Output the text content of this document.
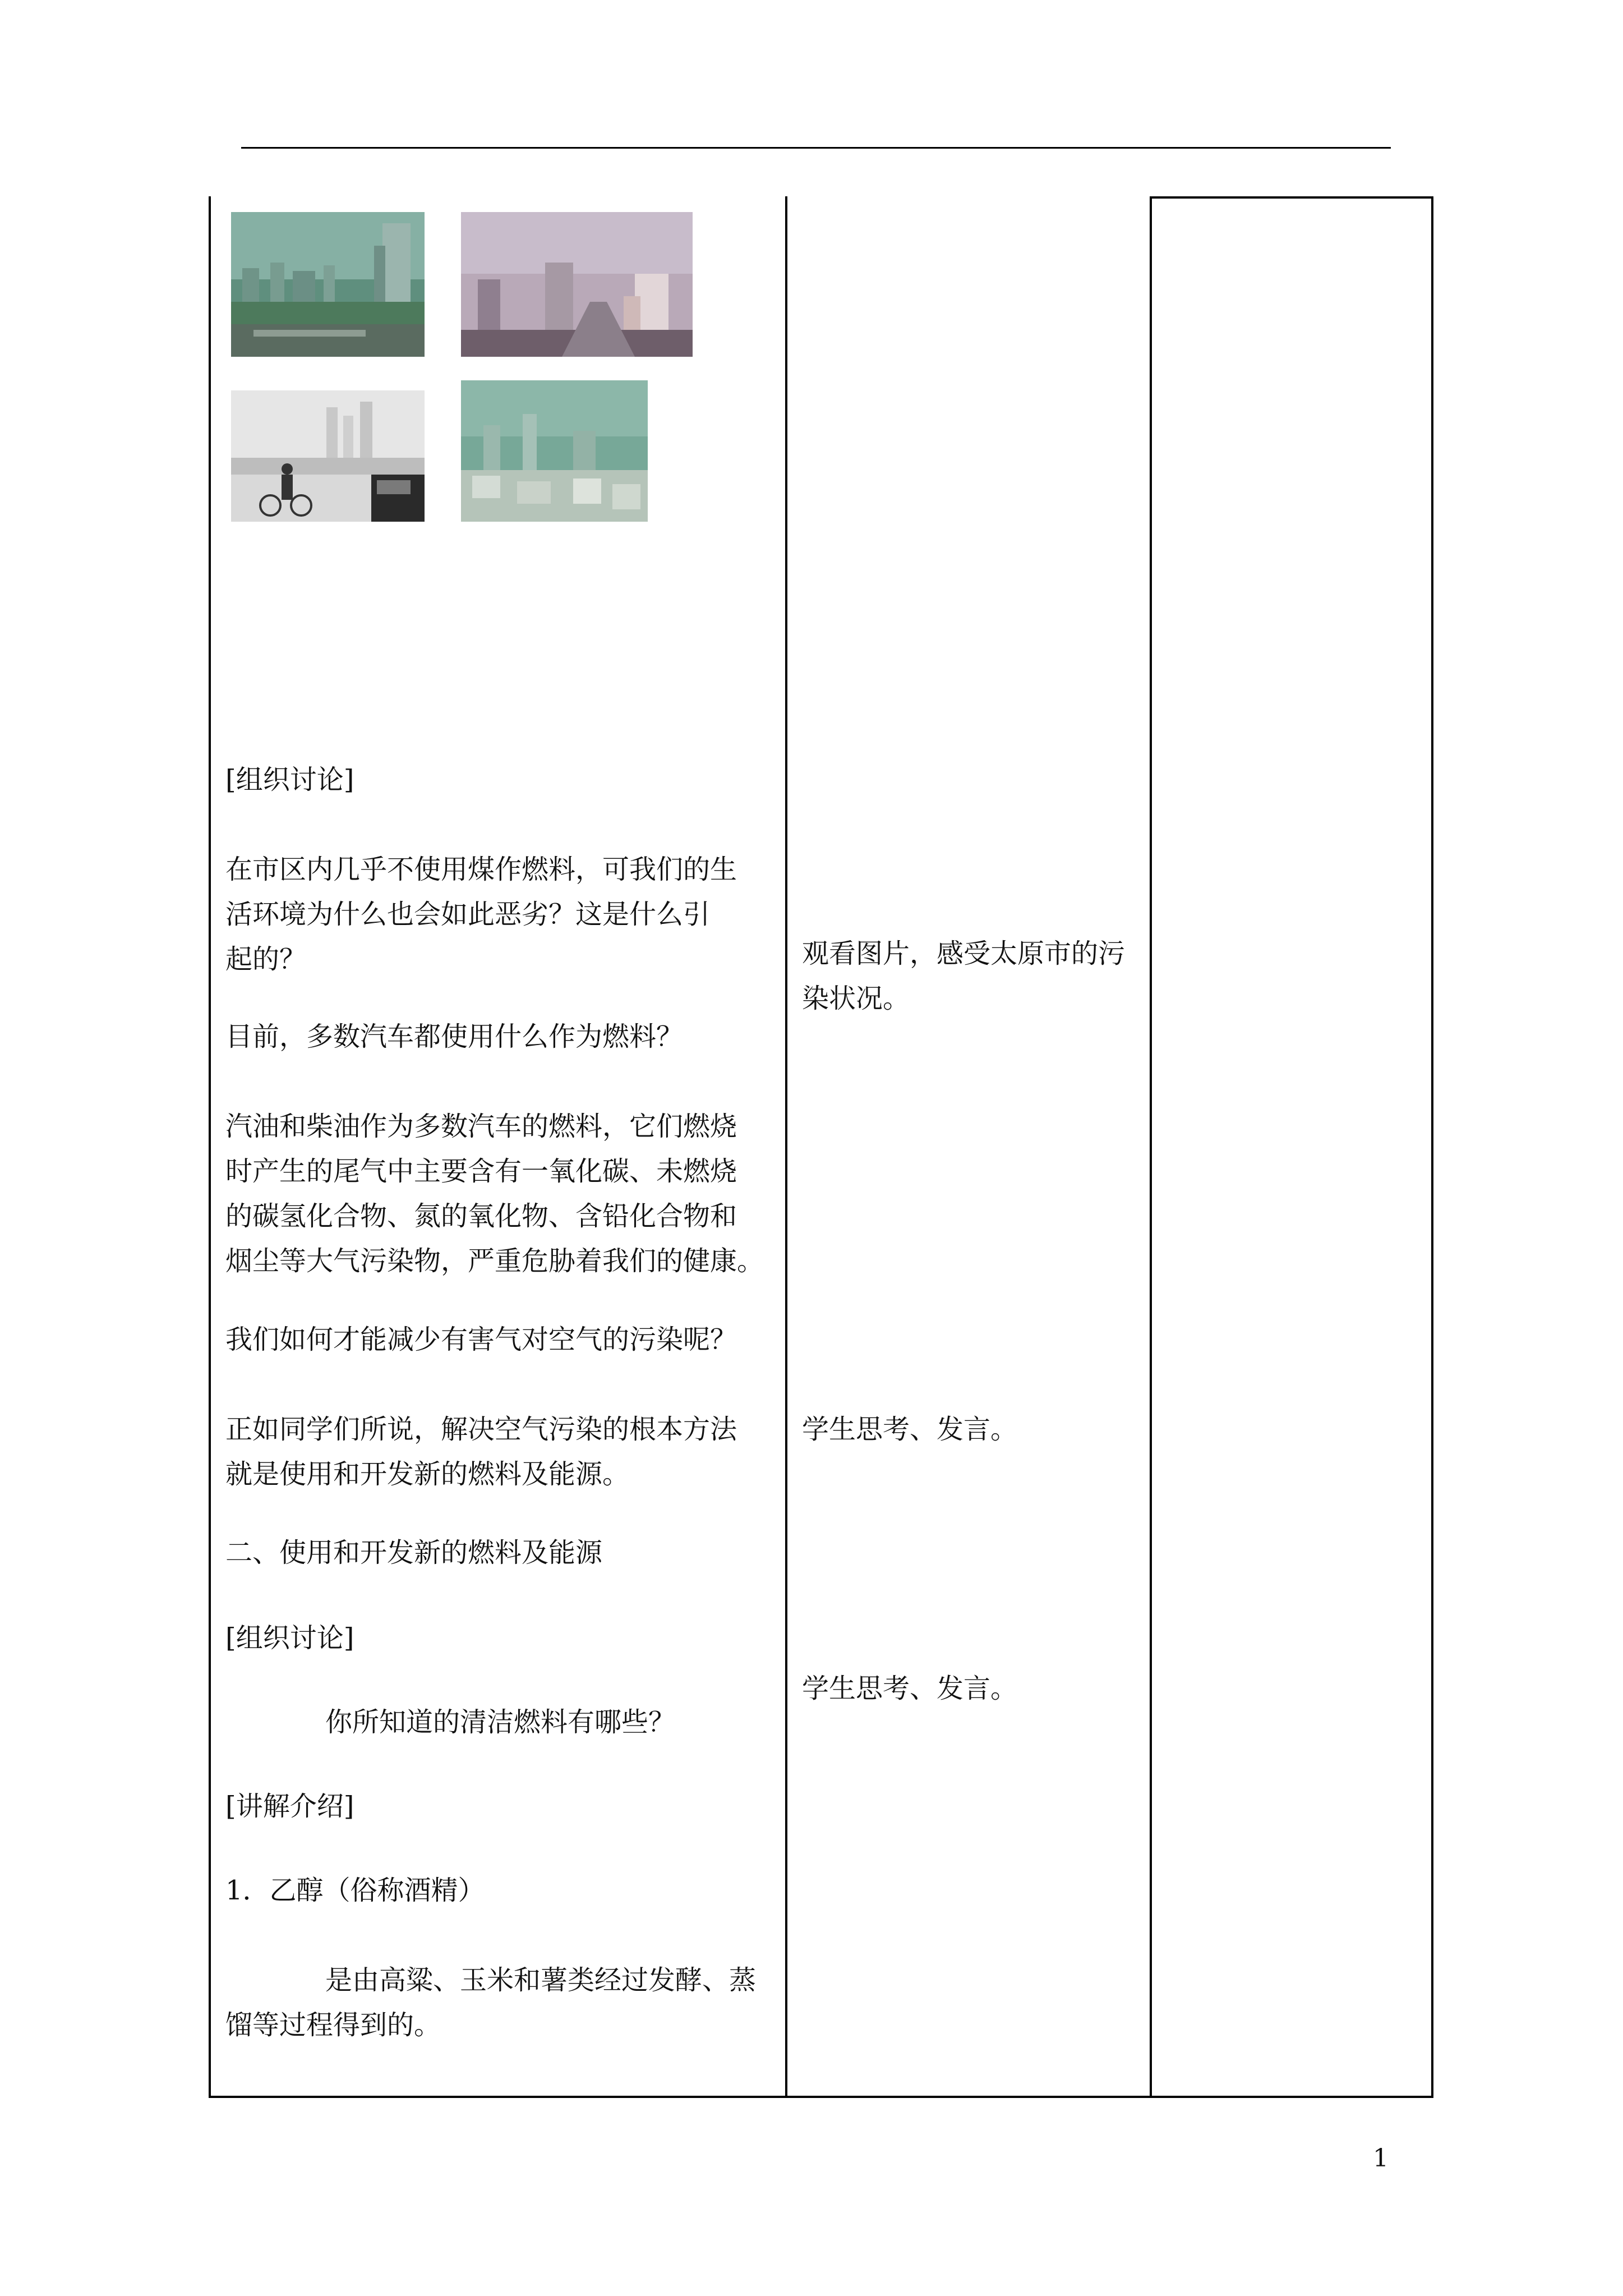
[组织讨论]
在市区内几乎不使用煤作燃料，可我们的生
活环境为什么也会如此恶劣？这是什么引
起的？
目前，多数汽车都使用什么作为燃料？
汽油和柴油作为多数汽车的燃料，它们燃烧
时产生的尾气中主要含有一氧化碳、未燃烧
的碳氢化合物、氮的氧化物、含铅化合物和
烟尘等大气污染物，严重危胁着我们的健康。
我们如何才能减少有害气对空气的污染呢？
正如同学们所说，解决空气污染的根本方法
就是使用和开发新的燃料及能源。
二、使用和开发新的燃料及能源
[组织讨论]
你所知道的清洁燃料有哪些？
[讲解介绍]
1．乙醇（俗称酒精）
是由高粱、玉米和薯类经过发酵、蒸
馏等过程得到的。
观看图片，感受太原市的污
染状况。
学生思考、发言。
学生思考、发言。
1
